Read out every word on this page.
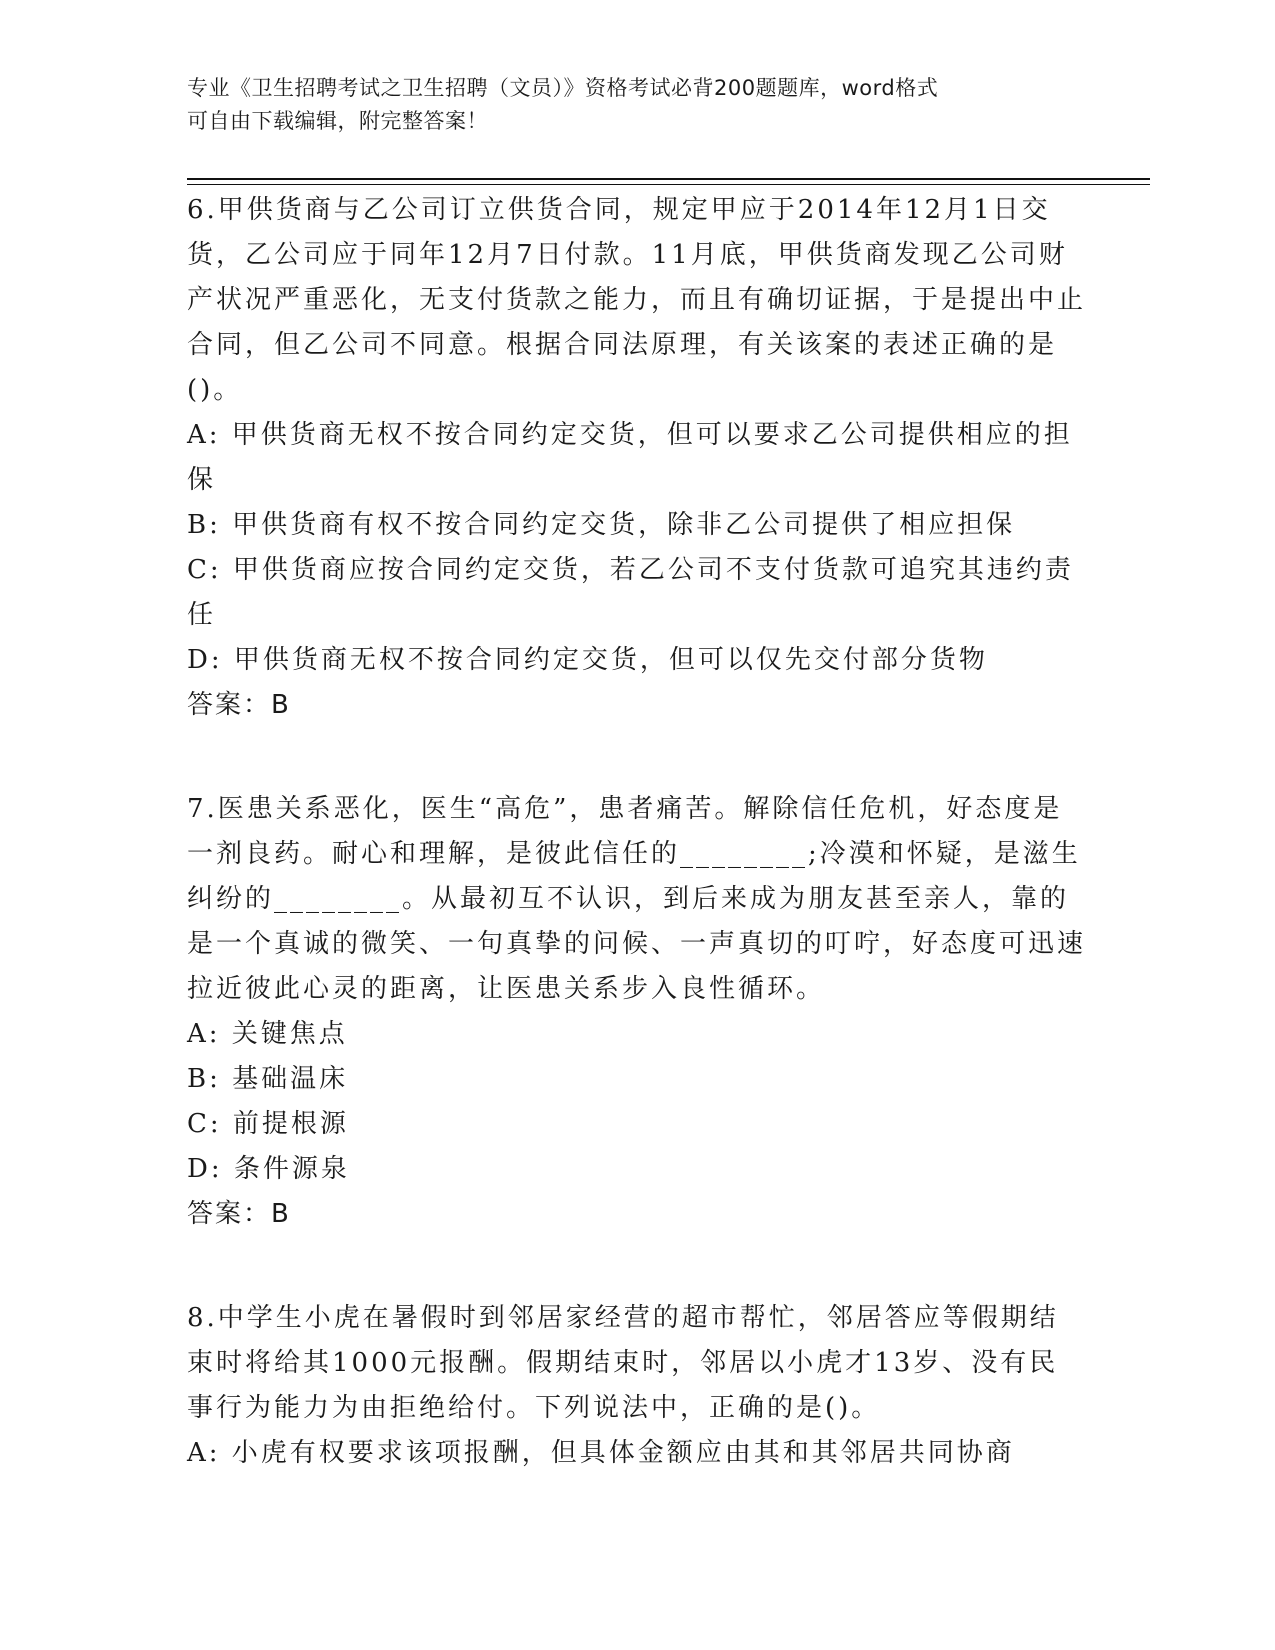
专业《卫生招聘考试之卫生招聘（文员）》资格考试必背200题题库，word格式
可自由下载编辑，附完整答案！

6.甲供货商与乙公司订立供货合同，规定甲应于2014年12月1日交货，乙公司应于同年12月7日付款。11月底，甲供货商发现乙公司财产状况严重恶化，无支付货款之能力，而且有确切证据，于是提出中止合同，但乙公司不同意。根据合同法原理，有关该案的表述正确的是()。

A: 甲供货商无权不按合同约定交货，但可以要求乙公司提供相应的担保

B: 甲供货商有权不按合同约定交货，除非乙公司提供了相应担保

C: 甲供货商应按合同约定交货，若乙公司不支付货款可追究其违约责任

D: 甲供货商无权不按合同约定交货，但可以仅先交付部分货物

答案：B

7.医患关系恶化，医生“高危”，患者痛苦。解除信任危机，好态度是一剂良药。耐心和理解，是彼此信任的________;冷漠和怀疑，是滋生纠纷的________。从最初互不认识，到后来成为朋友甚至亲人，靠的是一个真诚的微笑、一句真挚的问候、一声真切的叮咛，好态度可迅速拉近彼此心灵的距离，让医患关系步入良性循环。

A: 关键焦点

B: 基础温床

C: 前提根源

D: 条件源泉

答案：B

8.中学生小虎在暑假时到邻居家经营的超市帮忙，邻居答应等假期结束时将给其1000元报酬。假期结束时，邻居以小虎才13岁、没有民事行为能力为由拒绝给付。下列说法中，正确的是()。

A: 小虎有权要求该项报酬，但具体金额应由其和其邻居共同协商
